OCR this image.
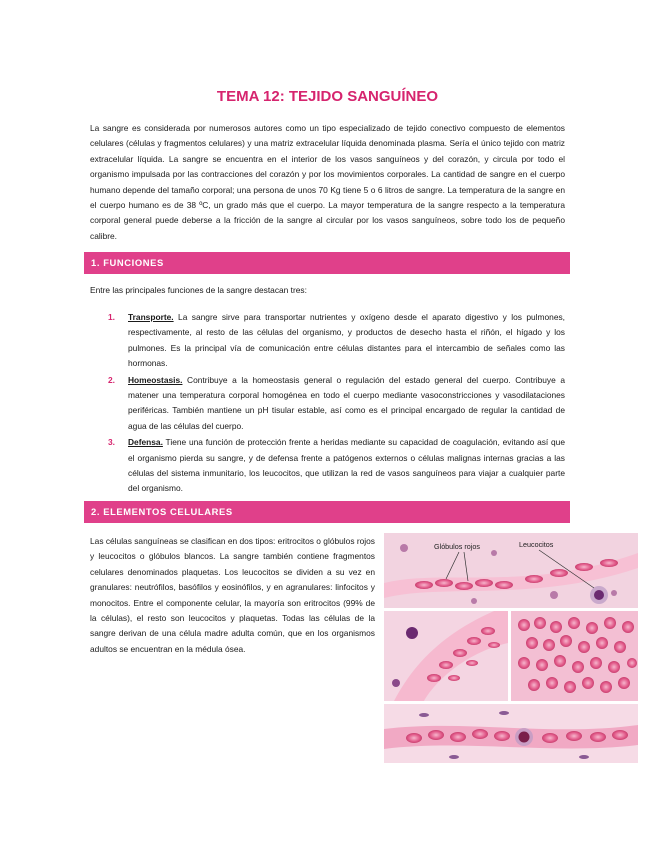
TEMA 12: TEJIDO SANGUÍNEO

La sangre es considerada por numerosos autores como un tipo especializado de tejido conectivo compuesto de elementos celulares (células y fragmentos celulares) y una matriz extracelular líquida denominada plasma. Sería el único tejido con matriz extracelular líquida. La sangre se encuentra en el interior de los vasos sanguíneos y del corazón, y circula por todo el organismo impulsada por las contracciones del corazón y por los movimientos corporales. La cantidad de sangre en el cuerpo humano depende del tamaño corporal; una persona de unos 70 Kg tiene 5 o 6 litros de sangre. La temperatura de la sangre en el cuerpo humano es de 38 ºC, un grado más que el cuerpo. La mayor temperatura de la sangre respecto a la temperatura corporal general puede deberse a la fricción de la sangre al circular por los vasos sanguíneos, sobre todo los de pequeño calibre.

1. FUNCIONES

Entre las principales funciones de la sangre destacan tres:

1. Transporte. La sangre sirve para transportar nutrientes y oxígeno desde el aparato digestivo y los pulmones, respectivamente, al resto de las células del organismo, y productos de desecho hasta el riñón, el hígado y los pulmones. Es la principal vía de comunicación entre células distantes para el intercambio de señales como las hormonas.
2. Homeostasis. Contribuye a la homeostasis general o regulación del estado general del cuerpo. Contribuye a matener una temperatura corporal homogénea en todo el cuerpo mediante vasoconstricciones y vasodilataciones periféricas. También mantiene un pH tisular estable, así como es el principal encargado de regular la cantidad de agua de las células del cuerpo.
3. Defensa. Tiene una función de protección frente a heridas mediante su capacidad de coagulación, evitando así que el organismo pierda su sangre, y de defensa frente a patógenos externos o células malignas internas gracias a las células del sistema inmunitario, los leucocitos, que utilizan la red de vasos sanguíneos para viajar a cualquier parte del organismo.
2. ELEMENTOS CELULARES

Las células sanguíneas se clasifican en dos tipos: eritrocitos o glóbulos rojos y leucocitos o glóbulos blancos. La sangre también contiene fragmentos celulares denominados plaquetas. Los leucocitos se dividen a su vez en granulares: neutrófilos, basófilos y eosinófilos, y en agranulares: linfocitos y monocitos. Entre el componente celular, la mayoría son eritrocitos (99% de la células), el resto son leucocitos y plaquetas. Todas las células de la sangre derivan de una célula madre adulta común, que en los organismos adultos se encuentran en la médula ósea.

Glóbulos rojos	Leucocitos
